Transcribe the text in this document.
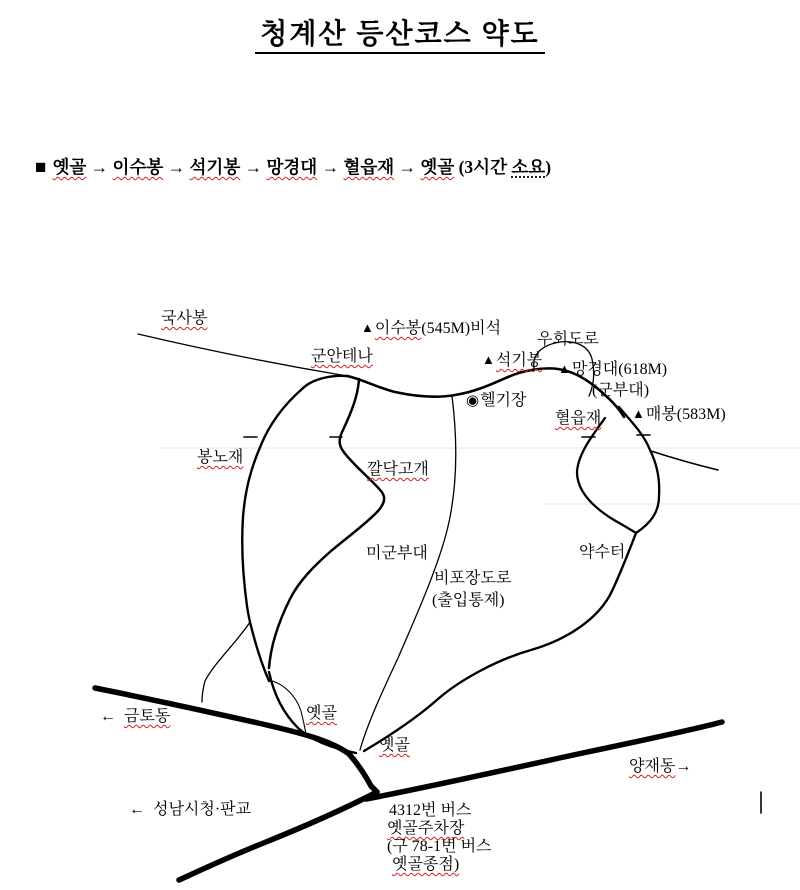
청계산 등산코스 약도
■ 옛골 → 이수봉 → 석기봉 → 망경대 → 혈읍재 → 옛골 (3시간 소요)
국사봉
▲이수봉(545M)비석
군안테나	▲석기봉
우회도로
▲망경대(618M)
(군부대)
◉헬기장
혈읍재 ▲매봉(583M)
봉노재
깔닥고개
미군부대
비포장도로
(출입통제)
약수터
← 금토동	옛골
옛골
양재동→
← 성남시청·판교	4312번 버스
옛골주차장
(구 78-1번 버스
옛골종점)
